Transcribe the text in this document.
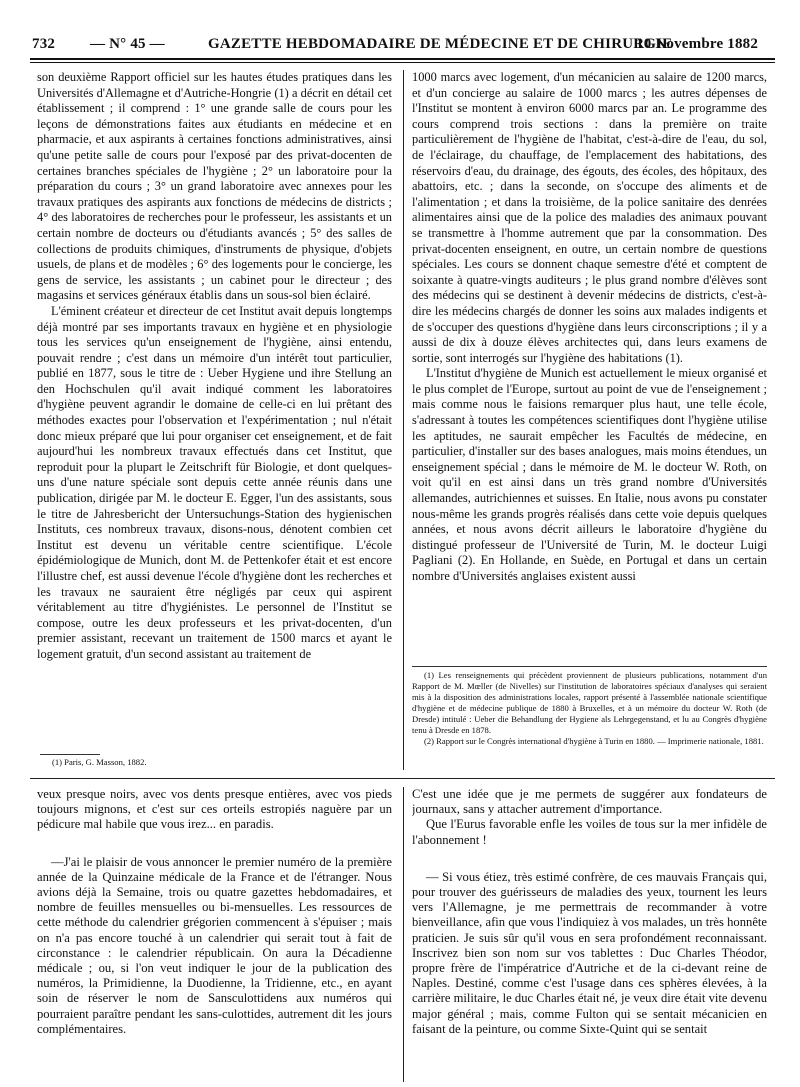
732 — N° 45 —	GAZETTE HEBDOMADAIRE DE MÉDECINE ET DE CHIRURGIE
10 Novembre 1882

son deuxième Rapport officiel sur les hautes études pratiques dans les Universités d'Allemagne et d'Autriche-Hongrie (1) a décrit en détail cet établissement ; il comprend : 1° une grande salle de cours pour les leçons de démonstrations faites aux étudiants en médecine et en pharmacie, et aux aspirants à certaines fonctions administratives, ainsi qu'une petite salle de cours pour l'exposé par des privat-docenten de certaines branches spéciales de l'hygiène ; 2° un laboratoire pour la préparation du cours ; 3° un grand laboratoire avec annexes pour les travaux pratiques des aspirants aux fonctions de médecins de districts ; 4° des laboratoires de recherches pour le professeur, les assistants et un certain nombre de docteurs ou d'étudiants avancés ; 5° des salles de collections de produits chimiques, d'instruments de physique, d'objets usuels, de plans et de modèles ; 6° des logements pour le concierge, les gens de service, les assistants ; un cabinet pour le directeur ; des magasins et services généraux établis dans un sous-sol bien éclairé.

L'éminent créateur et directeur de cet Institut avait depuis longtemps déjà montré par ses importants travaux en hygiène et en physiologie tous les services qu'un enseignement de l'hygiène, ainsi entendu, pouvait rendre ; c'est dans un mémoire d'un intérêt tout particulier, publié en 1877, sous le titre de : Ueber Hygiene und ihre Stellung an den Hochschulen qu'il avait indiqué comment les laboratoires d'hygiène peuvent agrandir le domaine de celle-ci en lui prêtant des méthodes exactes pour l'observation et l'expérimentation ; nul n'était donc mieux préparé que lui pour organiser cet enseignement, et de fait aujourd'hui les nombreux travaux effectués dans cet Institut, que reproduit pour la plupart le Zeitschrift für Biologie, et dont quelques-uns d'une nature spéciale sont depuis cette année réunis dans une publication, dirigée par M. le docteur E. Egger, l'un des assistants, sous le titre de Jahresbericht der Untersuchungs-Station des hygienischen Instituts, ces nombreux travaux, disons-nous, dénotent combien cet Institut est devenu un véritable centre scientifique. L'école épidémiologique de Munich, dont M. de Pettenkofer était et est encore l'illustre chef, est aussi devenue l'école d'hygiène dont les recherches et les travaux ne sauraient être négligés par ceux qui aspirent véritablement au titre d'hygiénistes. Le personnel de l'Institut se compose, outre les deux professeurs et les privat-docenten, d'un premier assistant, recevant un traitement de 1500 marcs et ayant le logement gratuit, d'un second assistant au traitement de

(1) Paris, G. Masson, 1882.

1000 marcs avec logement, d'un mécanicien au salaire de 1200 marcs, et d'un concierge au salaire de 1000 marcs ; les autres dépenses de l'Institut se montent à environ 6000 marcs par an. Le programme des cours comprend trois sections : dans la première on traite particulièrement de l'hygiène de l'habitat, c'est-à-dire de l'eau, du sol, de l'éclairage, du chauffage, de l'emplacement des habitations, des réservoirs d'eau, du drainage, des égouts, des écoles, des hôpitaux, des abattoirs, etc. ; dans la seconde, on s'occupe des aliments et de l'alimentation ; et dans la troisième, de la police sanitaire des denrées alimentaires ainsi que de la police des maladies des animaux pouvant se transmettre à l'homme autrement que par la consommation. Des privat-docenten enseignent, en outre, un certain nombre de questions spéciales. Les cours se donnent chaque semestre d'été et comptent de soixante à quatre-vingts auditeurs ; le plus grand nombre d'élèves sont des médecins qui se destinent à devenir médecins de districts, c'est-à-dire les médecins chargés de donner les soins aux malades indigents et de s'occuper des questions d'hygiène dans leurs circonscriptions ; il y a aussi de dix à douze élèves architectes qui, dans leurs examens de sortie, sont interrogés sur l'hygiène des habitations (1).

L'Institut d'hygiène de Munich est actuellement le mieux organisé et le plus complet de l'Europe, surtout au point de vue de l'enseignement ; mais comme nous le faisions remarquer plus haut, une telle école, s'adressant à toutes les compétences scientifiques dont l'hygiène utilise les aptitudes, ne saurait empêcher les Facultés de médecine, en particulier, d'installer sur des bases analogues, mais moins étendues, un enseignement spécial ; dans le mémoire de M. le docteur W. Roth, on voit qu'il en est ainsi dans un très grand nombre d'Universités allemandes, autrichiennes et suisses. En Italie, nous avons pu constater nous-même les grands progrès réalisés dans cette voie depuis quelques années, et nous avons décrit ailleurs le laboratoire d'hygiène du distingué professeur de l'Université de Turin, M. le docteur Luigi Pagliani (2). En Hollande, en Suède, en Portugal et dans un certain nombre d'Universités anglaises existent aussi

(1) Les renseignements qui précèdent proviennent de plusieurs publications, notamment d'un Rapport de M. Mœller (de Nivelles) sur l'institution de laboratoires spéciaux d'analyses qui seraient mis à la disposition des administrations locales, rapport présenté à l'assemblée nationale scientifique d'hygiène et de médecine publique de 1880 à Bruxelles, et à un mémoire du docteur W. Roth (de Dresde) intitulé : Ueber die Behandlung der Hygiene als Lehrgegenstand, et lu au Congrès d'hygiène tenu à Dresde en 1878.

(2) Rapport sur le Congrès international d'hygiène à Turin en 1880. — Imprimerie nationale, 1881.

veux presque noirs, avec vos dents presque entières, avec vos pieds toujours mignons, et c'est sur ces orteils estropiés naguère par un pédicure mal habile que vous irez... en paradis.

—J'ai le plaisir de vous annoncer le premier numéro de la première année de la Quinzaine médicale de la France et de l'étranger. Nous avions déjà la Semaine, trois ou quatre gazettes hebdomadaires, et nombre de feuilles mensuelles ou bi-mensuelles. Les ressources de cette méthode du calendrier grégorien commencent à s'épuiser ; mais on n'a pas encore touché à un calendrier qui serait tout à fait de circonstance : le calendrier républicain. On aura la Décadienne médicale ; ou, si l'on veut indiquer le jour de la publication des numéros, la Primidienne, la Duodienne, la Tridienne, etc., en ayant soin de réserver le nom de Sansculottidens aux numéros qui pourraient paraître pendant les sans-culottides, autrement dit les jours complémentaires.

C'est une idée que je me permets de suggérer aux fondateurs de journaux, sans y attacher autrement d'importance.

Que l'Eurus favorable enfle les voiles de tous sur la mer infidèle de l'abonnement !

— Si vous étiez, très estimé confrère, de ces mauvais Français qui, pour trouver des guérisseurs de maladies des yeux, tournent les leurs vers l'Allemagne, je me permettrais de recommander à votre bienveillance, afin que vous l'indiquiez à vos malades, un très honnête praticien. Je suis sûr qu'il vous en sera profondément reconnaissant. Inscrivez bien son nom sur vos tablettes : Duc Charles Théodor, propre frère de l'impératrice d'Autriche et de la ci-devant reine de Naples. Destiné, comme c'est l'usage dans ces sphères élevées, à la carrière militaire, le duc Charles était né, je veux dire était vite devenu major général ; mais, comme Fulton qui se sentait mécanicien en faisant de la peinture, ou comme Sixte-Quint qui se sentait
